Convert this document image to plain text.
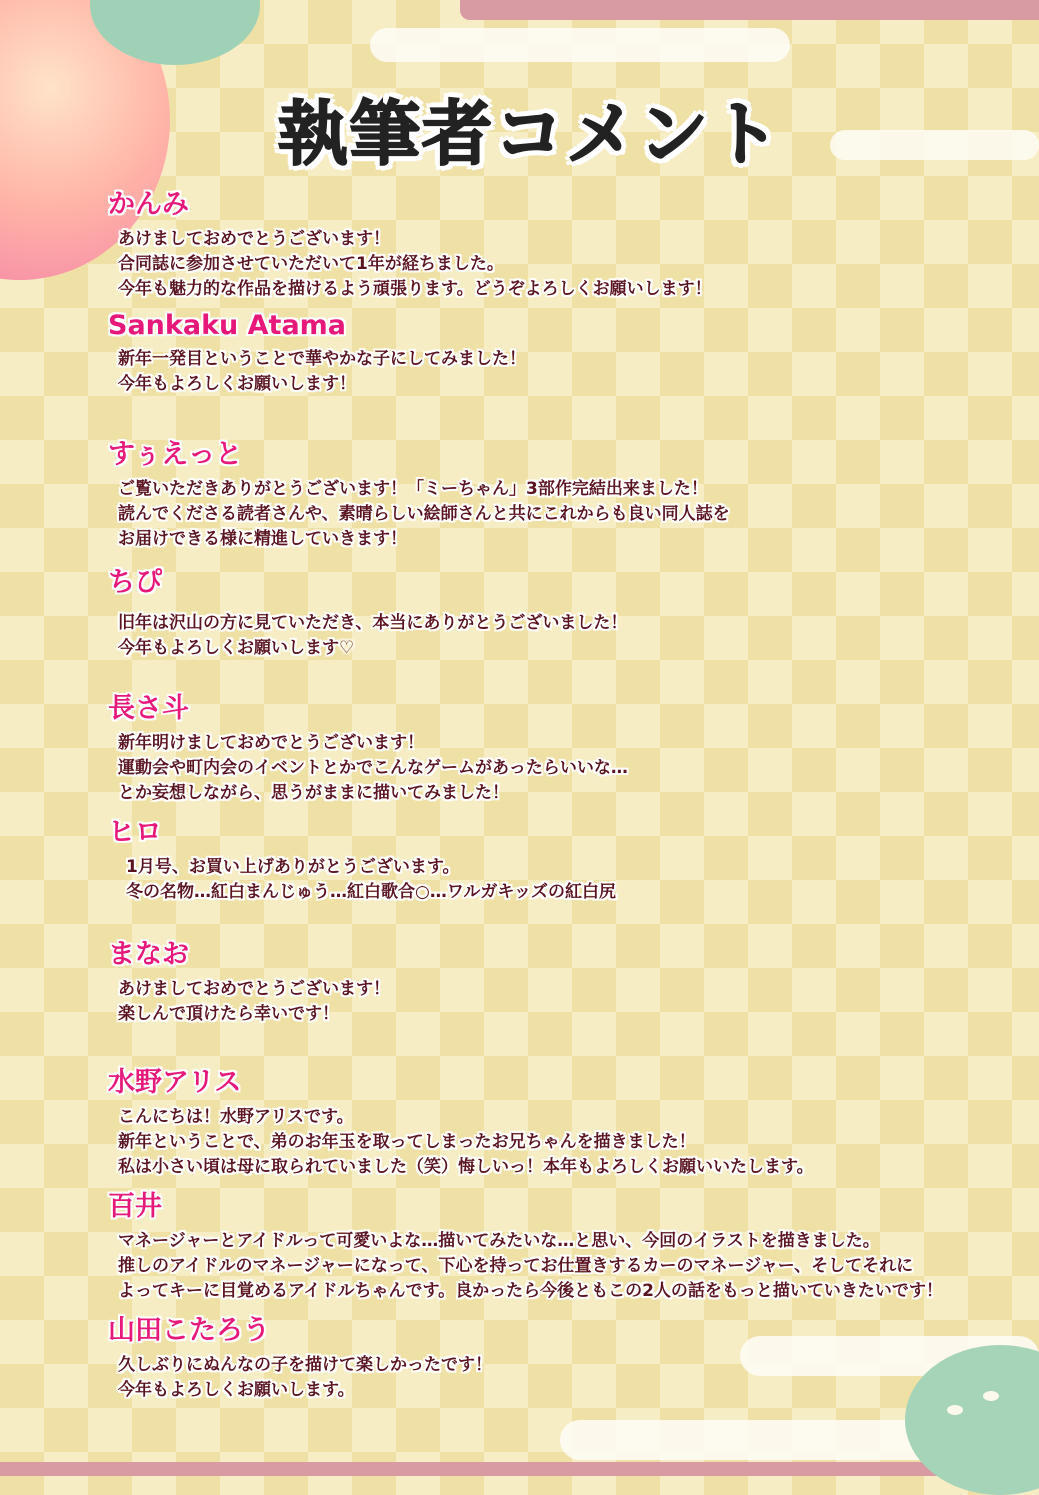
執筆者コメント
かんみ
あけましておめでとうございます！
合同誌に参加させていただいて1年が経ちました。
今年も魅力的な作品を描けるよう頑張ります。どうぞよろしくお願いします！
Sankaku Atama
新年一発目ということで華やかな子にしてみました！
今年もよろしくお願いします！
すぅえっと
ご覧いただきありがとうございます！「ミーちゃん」3部作完結出来ました！
読んでくださる読者さんや、素晴らしい絵師さんと共にこれからも良い同人誌を
お届けできる様に精進していきます！
ちぴ
旧年は沢山の方に見ていただき、本当にありがとうございました！
今年もよろしくお願いします♡
長さ斗
新年明けましておめでとうございます！
運動会や町内会のイベントとかでこんなゲームがあったらいいな…
とか妄想しながら、思うがままに描いてみました！
ヒロ
1月号、お買い上げありがとうございます。
冬の名物…紅白まんじゅう…紅白歌合○…ワルガキッズの紅白尻
まなお
あけましておめでとうございます！
楽しんで頂けたら幸いです！
水野アリス
こんにちは！水野アリスです。
新年ということで、弟のお年玉を取ってしまったお兄ちゃんを描きました！
私は小さい頃は母に取られていました（笑）悔しいっ！本年もよろしくお願いいたします。
百井
マネージャーとアイドルって可愛いよな…描いてみたいな…と思い、今回のイラストを描きました。
推しのアイドルのマネージャーになって、下心を持ってお仕置きするカーのマネージャー、そしてそれに
よってキーに目覚めるアイドルちゃんです。良かったら今後ともこの2人の話をもっと描いていきたいです！
山田こたろう
久しぶりにぬんなの子を描けて楽しかったです！
今年もよろしくお願いします。
